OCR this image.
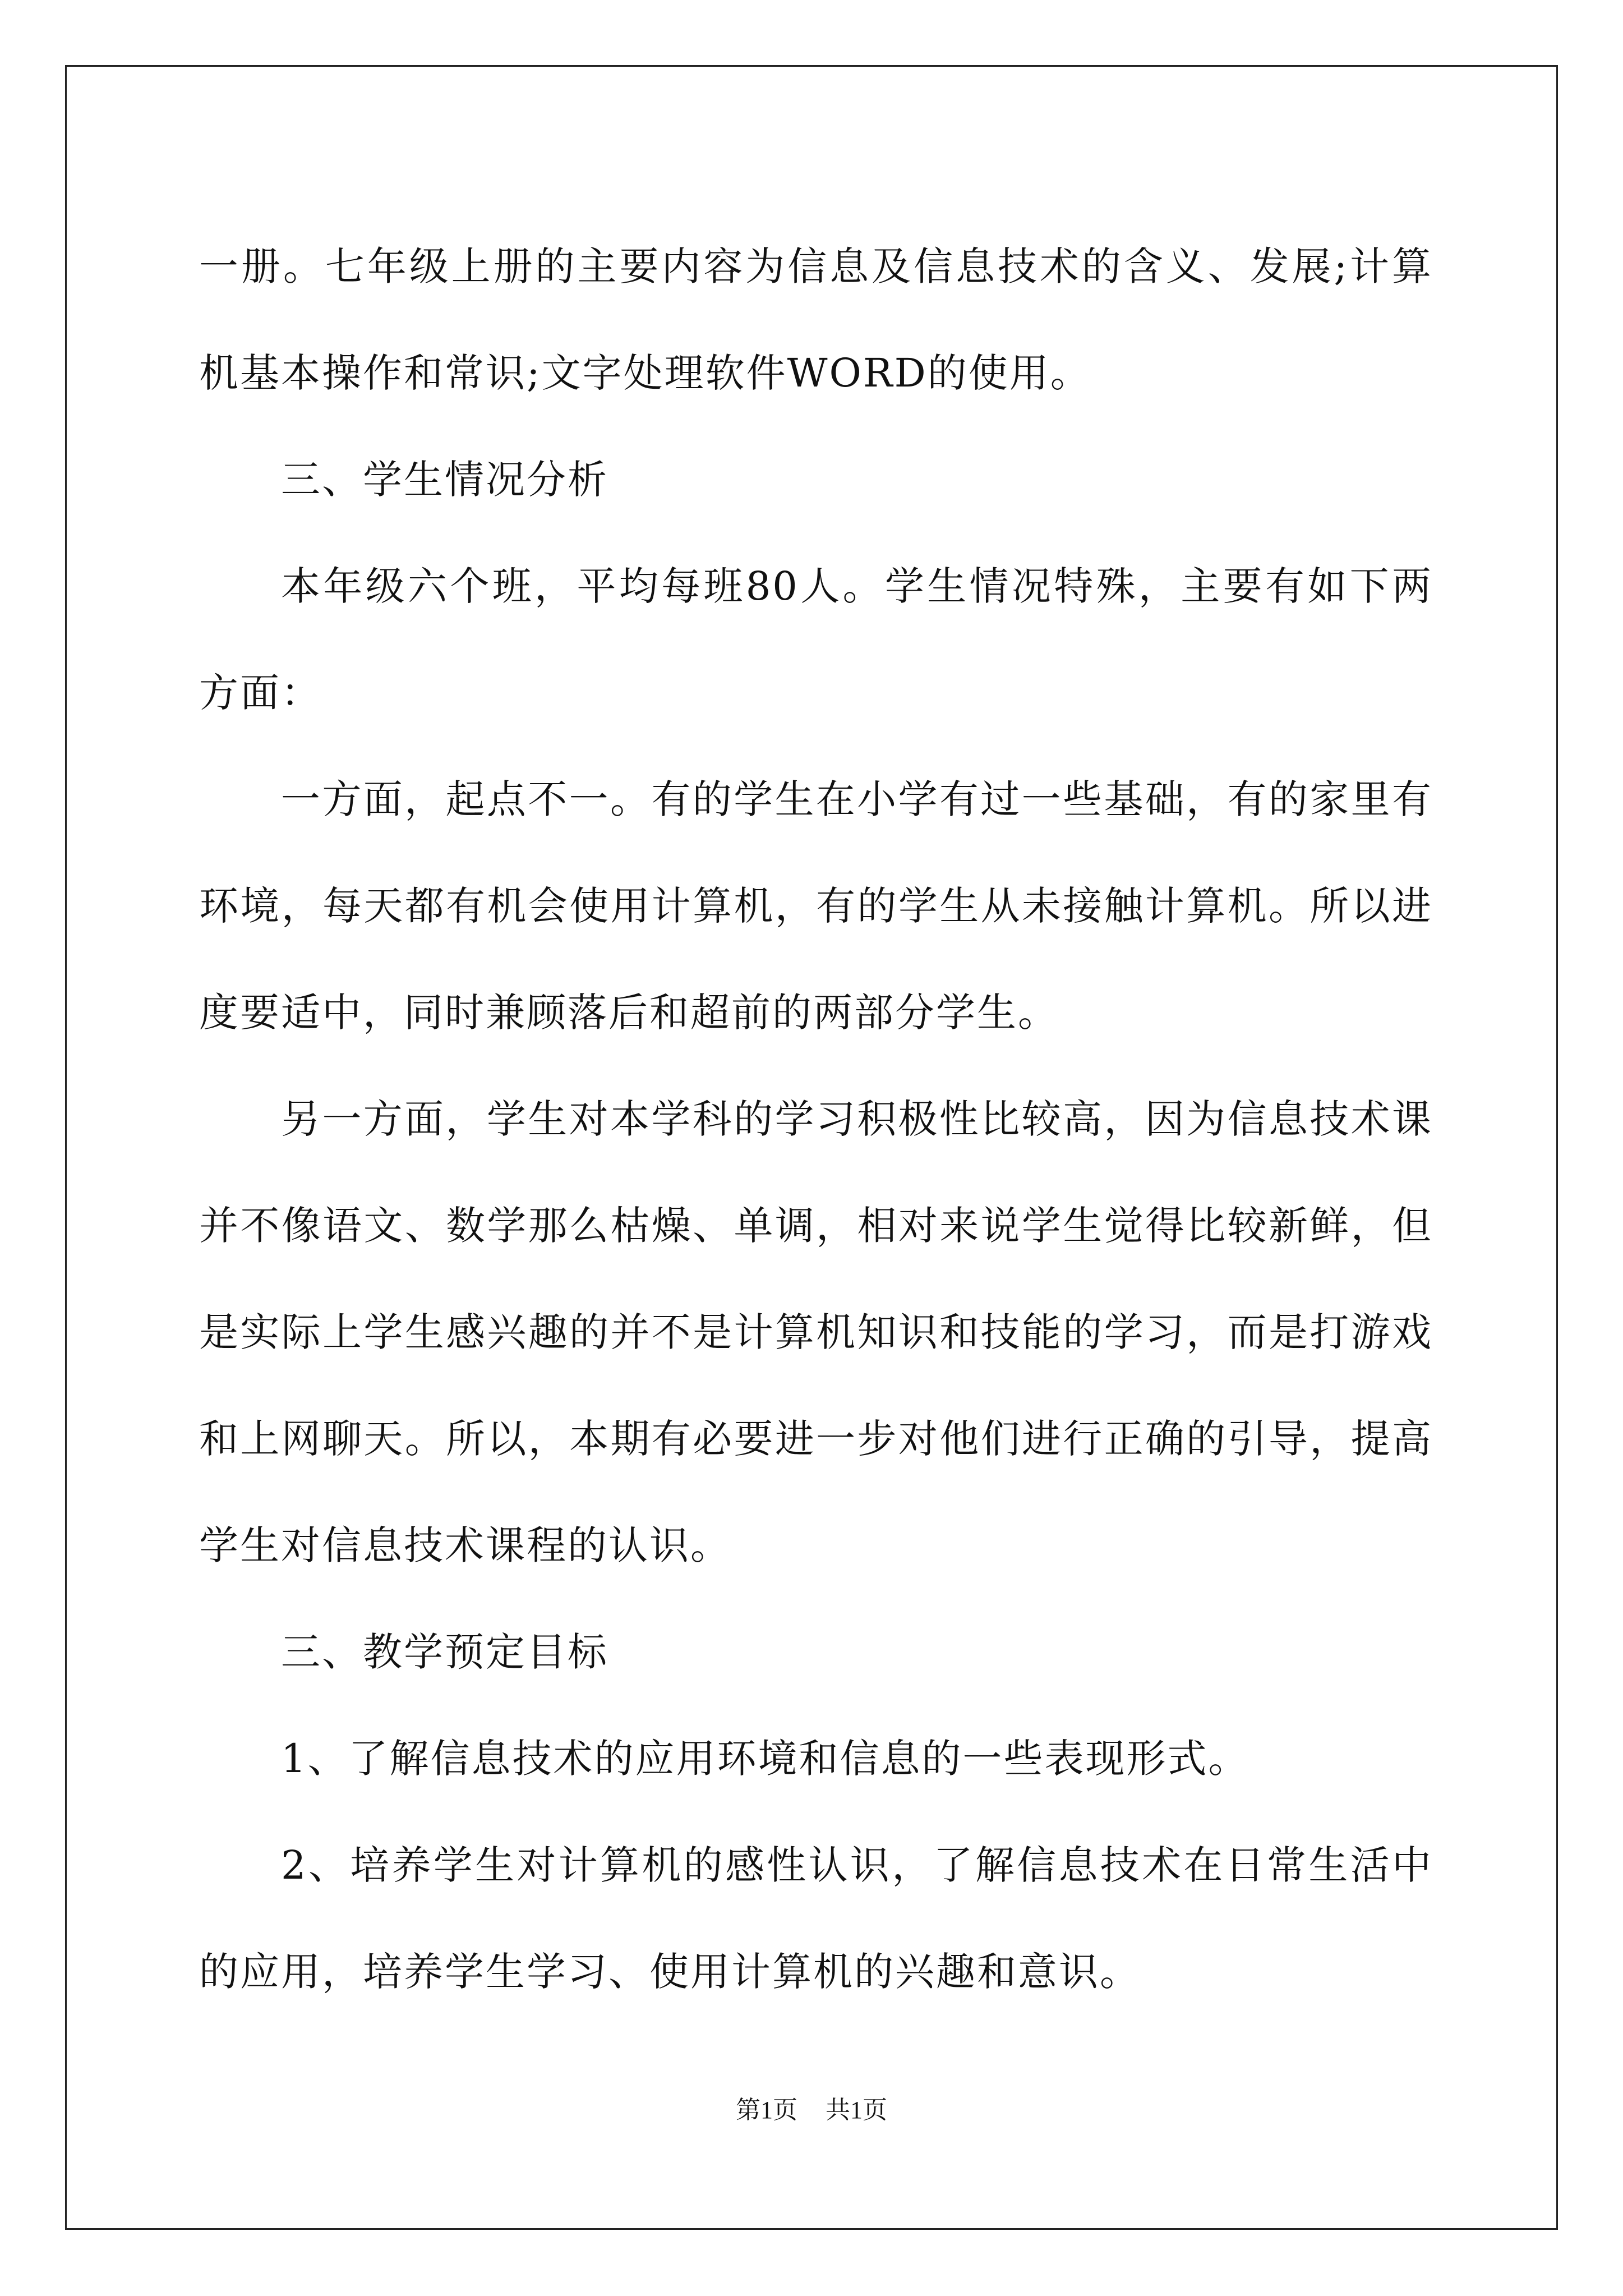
一册。七年级上册的主要内容为信息及信息技术的含义、发展;计算机基本操作和常识;文字处理软件WORD的使用。

三、学生情况分析

本年级六个班，平均每班80人。学生情况特殊，主要有如下两方面：

一方面，起点不一。有的学生在小学有过一些基础，有的家里有环境，每天都有机会使用计算机，有的学生从未接触计算机。所以进度要适中，同时兼顾落后和超前的两部分学生。

另一方面，学生对本学科的学习积极性比较高，因为信息技术课并不像语文、数学那么枯燥、单调，相对来说学生觉得比较新鲜，但是实际上学生感兴趣的并不是计算机知识和技能的学习，而是打游戏和上网聊天。所以，本期有必要进一步对他们进行正确的引导，提高学生对信息技术课程的认识。

三、教学预定目标

1、了解信息技术的应用环境和信息的一些表现形式。

2、培养学生对计算机的感性认识，了解信息技术在日常生活中的应用，培养学生学习、使用计算机的兴趣和意识。

第1页 共1页
